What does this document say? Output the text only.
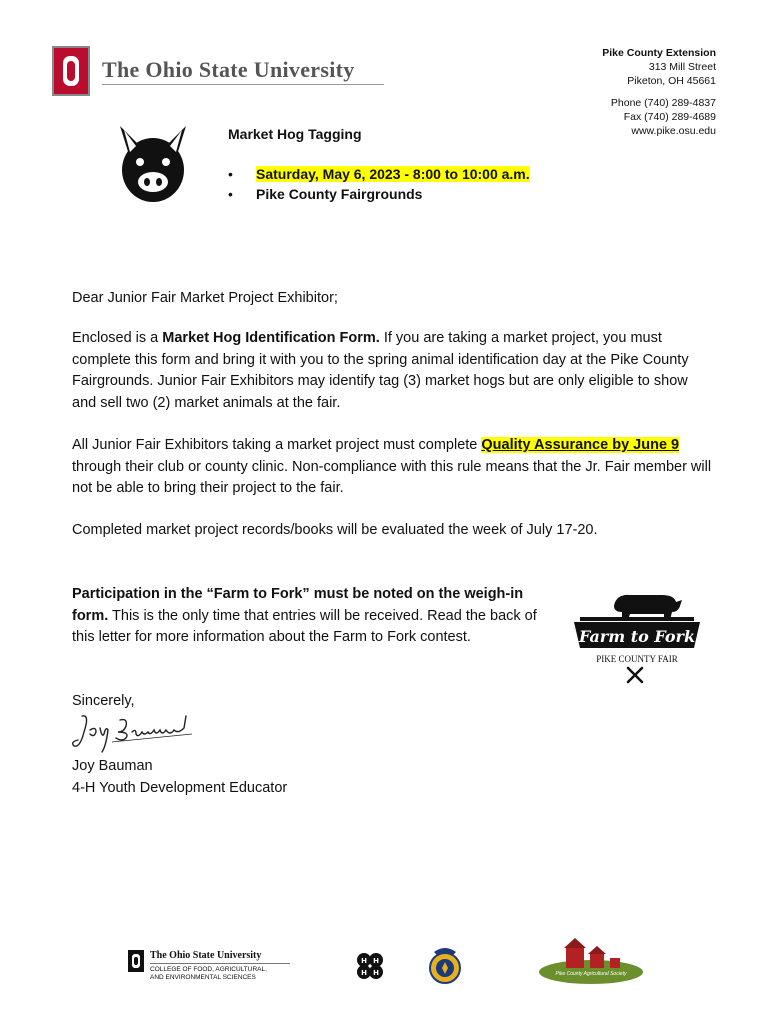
The Ohio State University
Pike County Extension
313 Mill Street
Piketon, OH 45661
Phone (740) 289-4837
Fax (740) 289-4689
www.pike.osu.edu
Market Hog Tagging
• Saturday, May 6, 2023 - 8:00 to 10:00 a.m.
• Pike County Fairgrounds

Dear Junior Fair Market Project Exhibitor;

Enclosed is a Market Hog Identification Form. If you are taking a market project, you must complete this form and bring it with you to the spring animal identification day at the Pike County Fairgrounds. Junior Fair Exhibitors may identify tag (3) market hogs but are only eligible to show and sell two (2) market animals at the fair.

All Junior Fair Exhibitors taking a market project must complete Quality Assurance by June 9 through their club or county clinic. Non-compliance with this rule means that the Jr. Fair member will not be able to bring their project to the fair.

Completed market project records/books will be evaluated the week of July 17-20.

Participation in the “Farm to Fork” must be noted on the weigh-in form. This is the only time that entries will be received. Read the back of this letter for more information about the Farm to Fork contest.	Farm to Fork
PIKE COUNTY FAIR

Sincerely,

Joy Bauman

4-H Youth Development Educator

The Ohio State University
COLLEGE OF FOOD, AGRICULTURAL,
AND ENVIRONMENTAL SCIENCES
H H
H H	Pike County Agricultural Society
